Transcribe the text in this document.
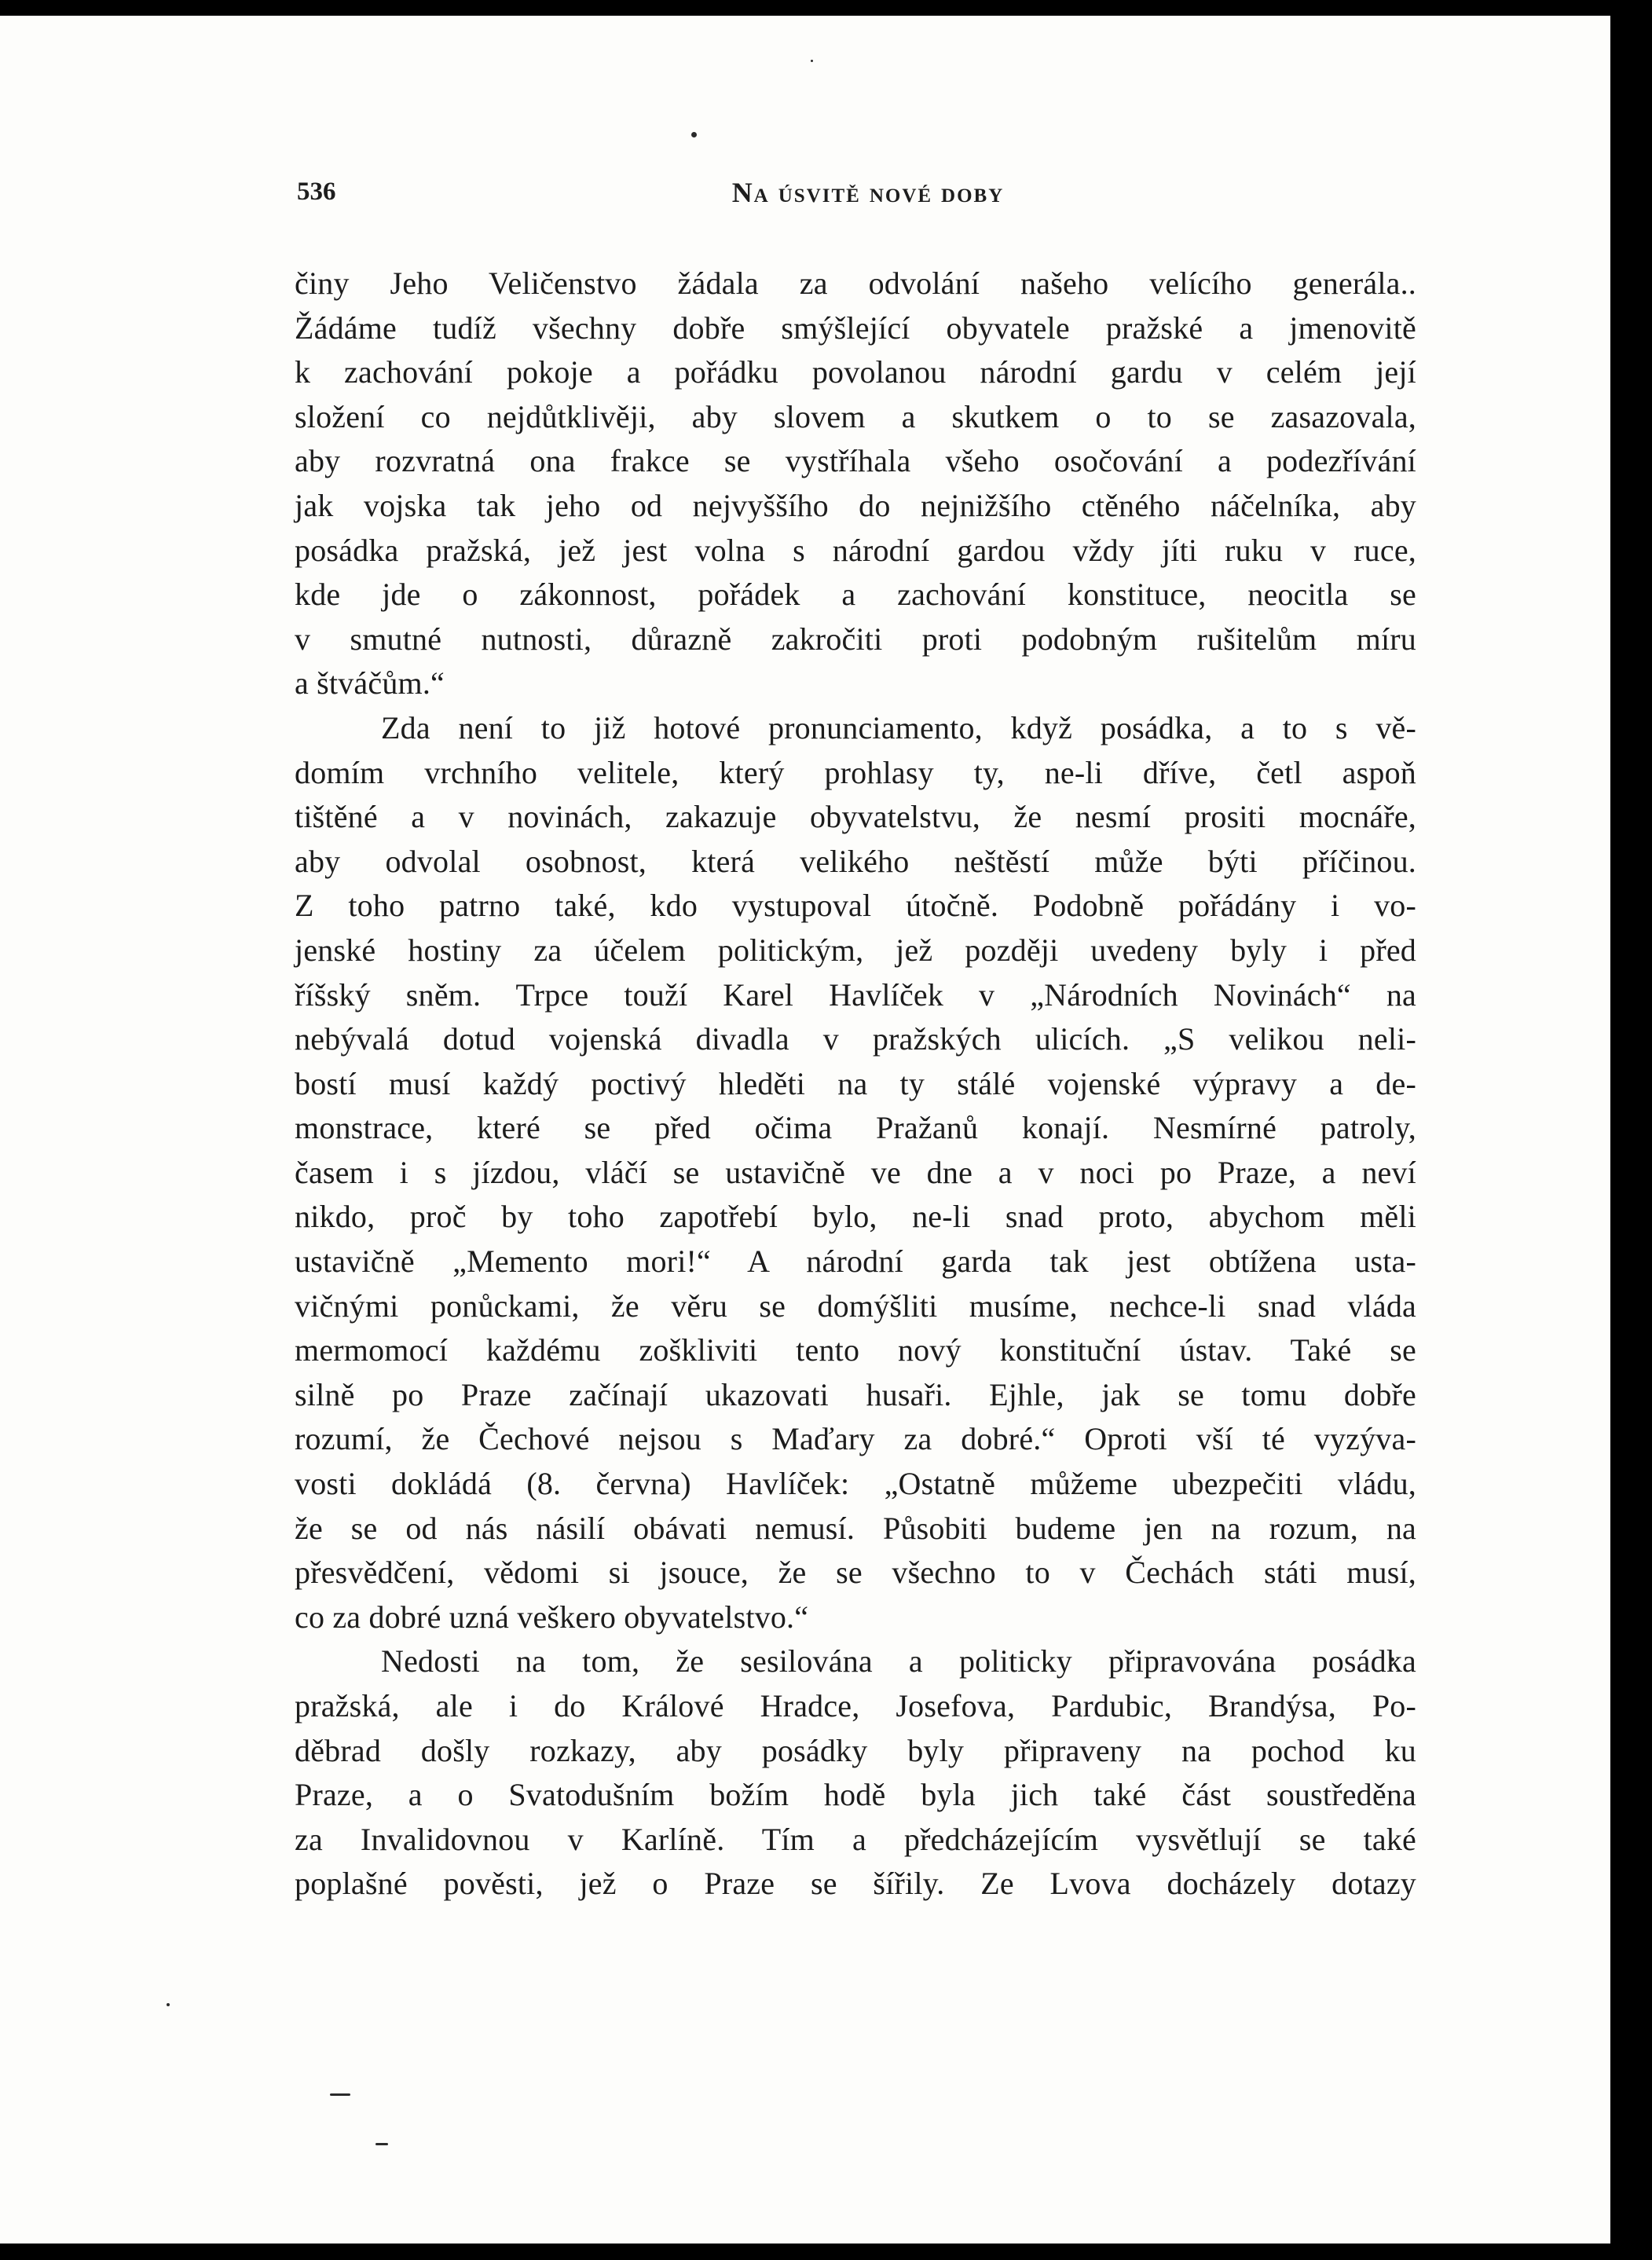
536	Na úsvitě nové doby
činy Jeho Veličenstvo žádala za odvolání našeho velícího generála..
Žádáme tudíž všechny dobře smýšlející obyvatele pražské a jmenovitě
k zachování pokoje a pořádku povolanou národní gardu v celém její
složení co nejdůtklivěji, aby slovem a skutkem o to se zasazovala,
aby rozvratná ona frakce se vystříhala všeho osočování a podezřívání
jak vojska tak jeho od nejvyššího do nejnižšího ctěného náčelníka, aby
posádka pražská, jež jest volna s národní gardou vždy jíti ruku v ruce,
kde jde o zákonnost, pořádek a zachování konstituce, neocitla se
v smutné nutnosti, důrazně zakročiti proti podobným rušitelům míru
a štváčům.“
Zda není to již hotové pronunciamento, když posádka, a to s vě-
domím vrchního velitele, který prohlasy ty, ne-li dříve, četl aspoň
tištěné a v novinách, zakazuje obyvatelstvu, že nesmí prositi mocnáře,
aby odvolal osobnost, která velikého neštěstí může býti příčinou.
Z toho patrno také, kdo vystupoval útočně. Podobně pořádány i vo-
jenské hostiny za účelem politickým, jež později uvedeny byly i před
říšský sněm. Trpce touží Karel Havlíček v „Národních Novinách“ na
nebývalá dotud vojenská divadla v pražských ulicích. „S velikou neli-
bostí musí každý poctivý hleděti na ty stálé vojenské výpravy a de-
monstrace, které se před očima Pražanů konají. Nesmírné patroly,
časem i s jízdou, vláčí se ustavičně ve dne a v noci po Praze, a neví
nikdo, proč by toho zapotřebí bylo, ne-li snad proto, abychom měli
ustavičně „Memento mori!“ A národní garda tak jest obtížena usta-
vičnými ponůckami, že věru se domýšliti musíme, nechce-li snad vláda
mermomocí každému zoškliviti tento nový konstituční ústav. Také se
silně po Praze začínají ukazovati husaři. Ejhle, jak se tomu dobře
rozumí, že Čechové nejsou s Maďary za dobré.“ Oproti vší té vyzýva-
vosti dokládá (8. června) Havlíček: „Ostatně můžeme ubezpečiti vládu,
že se od nás násilí obávati nemusí. Působiti budeme jen na rozum, na
přesvědčení, vědomi si jsouce, že se všechno to v Čechách státi musí,
co za dobré uzná veškero obyvatelstvo.“
Nedosti na tom, že sesilována a politicky připravována posádka
pražská, ale i do Králové Hradce, Josefova, Pardubic, Brandýsa, Po-
děbrad došly rozkazy, aby posádky byly připraveny na pochod ku
Praze, a o Svatodušním božím hodě byla jich také část soustředěna
za Invalidovnou v Karlíně. Tím a předcházejícím vysvětlují se také
poplašné pověsti, jež o Praze se šířily. Ze Lvova docházely dotazy
